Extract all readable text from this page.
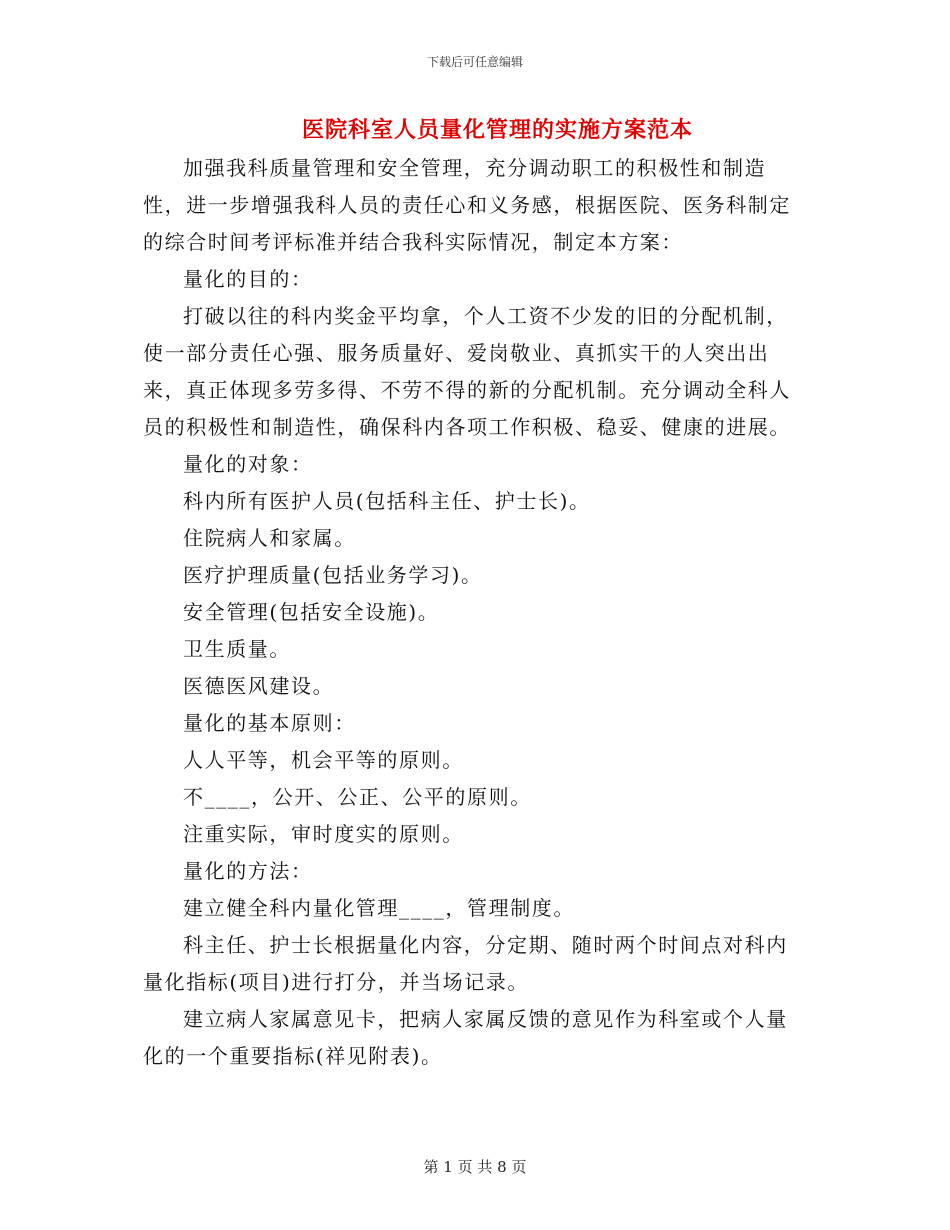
下载后可任意编辑
医院科室人员量化管理的实施方案范本

加强我科质量管理和安全管理，充分调动职工的积极性和制造性，进一步增强我科人员的责任心和义务感，根据医院、医务科制定的综合时间考评标准并结合我科实际情况，制定本方案：

量化的目的：

打破以往的科内奖金平均拿，个人工资不少发的旧的分配机制，使一部分责任心强、服务质量好、爱岗敬业、真抓实干的人突出出来，真正体现多劳多得、不劳不得的新的分配机制。充分调动全科人员的积极性和制造性，确保科内各项工作积极、稳妥、健康的进展。

量化的对象：

科内所有医护人员(包括科主任、护士长)。

住院病人和家属。

医疗护理质量(包括业务学习)。

安全管理(包括安全设施)。

卫生质量。

医德医风建设。

量化的基本原则：

人人平等，机会平等的原则。

不____，公开、公正、公平的原则。

注重实际，审时度实的原则。

量化的方法：

建立健全科内量化管理____，管理制度。

科主任、护士长根据量化内容，分定期、随时两个时间点对科内量化指标(项目)进行打分，并当场记录。

建立病人家属意见卡，把病人家属反馈的意见作为科室或个人量化的一个重要指标(祥见附表)。

第 1 页 共 8 页
